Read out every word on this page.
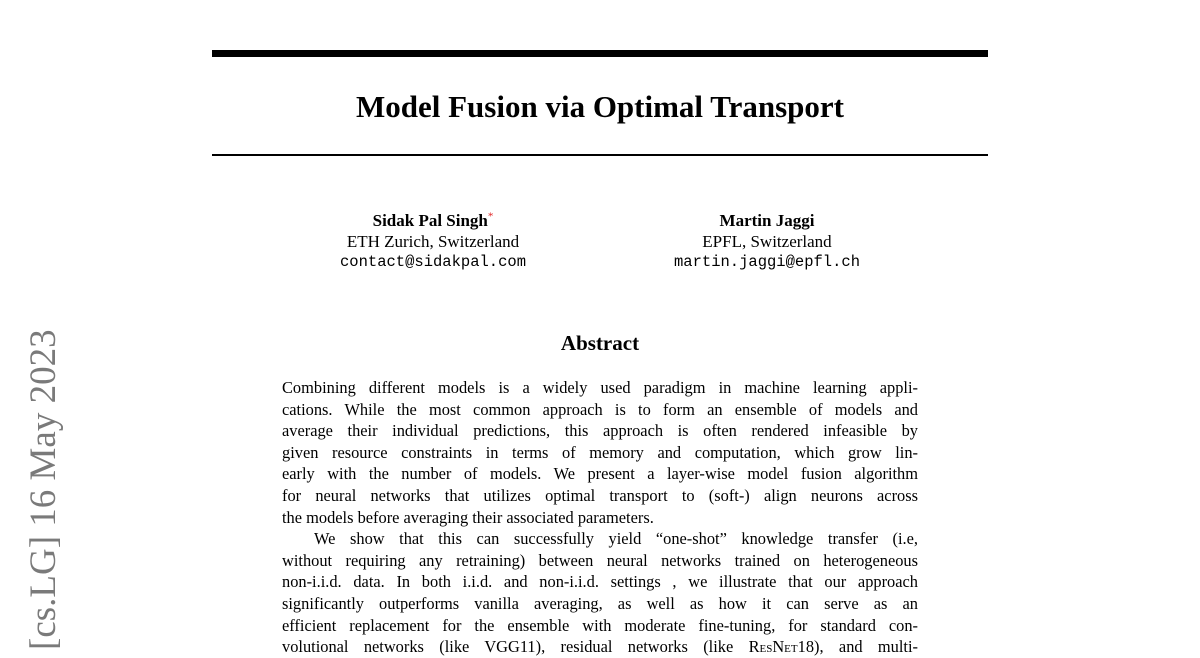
[cs.LG] 16 May 2023
Model Fusion via Optimal Transport
Sidak Pal Singh*
ETH Zurich, Switzerland
contact@sidakpal.com
Martin Jaggi
EPFL, Switzerland
martin.jaggi@epfl.ch
Abstract
Combining different models is a widely used paradigm in machine learning appli-
cations. While the most common approach is to form an ensemble of models and
average their individual predictions, this approach is often rendered infeasible by
given resource constraints in terms of memory and computation, which grow lin-
early with the number of models. We present a layer-wise model fusion algorithm
for neural networks that utilizes optimal transport to (soft-) align neurons across
the models before averaging their associated parameters.
We show that this can successfully yield “one-shot” knowledge transfer (i.e,
without requiring any retraining) between neural networks trained on heterogeneous
non-i.i.d. data. In both i.i.d. and non-i.i.d. settings , we illustrate that our approach
significantly outperforms vanilla averaging, as well as how it can serve as an
efficient replacement for the ensemble with moderate fine-tuning, for standard con-
volutional networks (like VGG11), residual networks (like ResNet18), and multi-
